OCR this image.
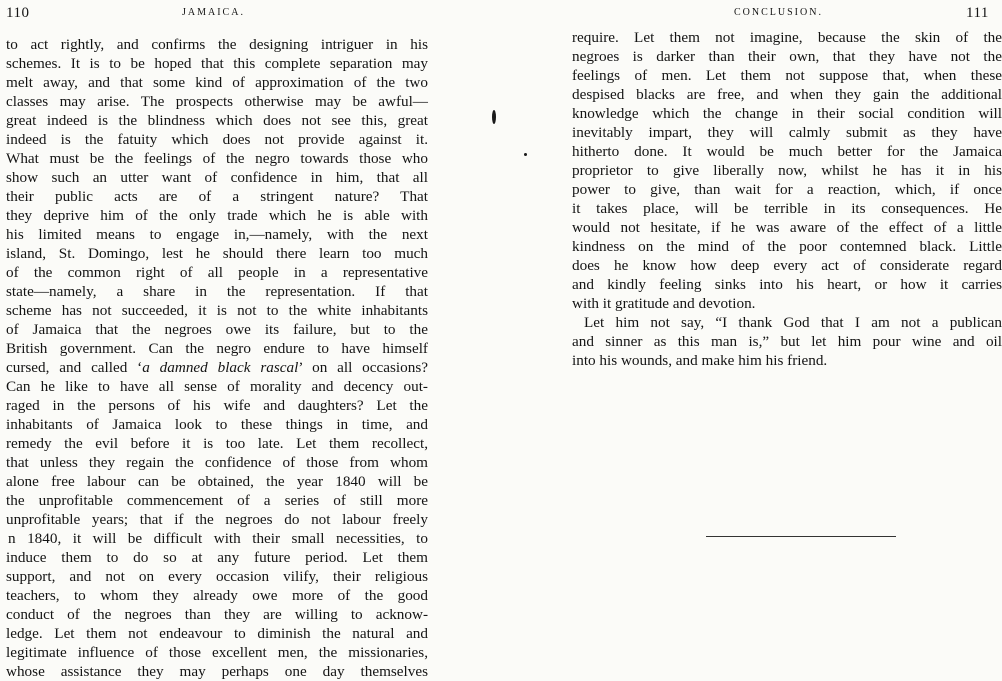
110	JAMAICA.
to act rightly, and confirms the designing intriguer in his
schemes. It is to be hoped that this complete separation may
melt away, and that some kind of approximation of the two
classes may arise. The prospects otherwise may be awful—
great indeed is the blindness which does not see this, great
indeed is the fatuity which does not provide against it.
What must be the feelings of the negro towards those who
show such an utter want of confidence in him, that all
their public acts are of a stringent nature? That
they deprive him of the only trade which he is able with
his limited means to engage in,—namely, with the next
island, St. Domingo, lest he should there learn too much
of the common right of all people in a representative
state—namely, a share in the representation. If that
scheme has not succeeded, it is not to the white inhabitants
of Jamaica that the negroes owe its failure, but to the
British government. Can the negro endure to have himself
cursed, and called ‘a damned black rascal’ on all occasions?
Can he like to have all sense of morality and decency out-
raged in the persons of his wife and daughters? Let the
inhabitants of Jamaica look to these things in time, and
remedy the evil before it is too late. Let them recollect,
that unless they regain the confidence of those from whom
alone free labour can be obtained, the year 1840 will be
the unprofitable commencement of a series of still more
unprofitable years; that if the negroes do not labour freely
n 1840, it will be difficult with their small necessities, to
induce them to do so at any future period. Let them
support, and not on every occasion vilify, their religious
teachers, to whom they already owe more of the good
conduct of the negroes than they are willing to acknow-
ledge. Let them not endeavour to diminish the natural and
legitimate influence of those excellent men, the missionaries,
whose assistance they may perhaps one day themselves
CONCLUSION.	111
require. Let them not imagine, because the skin of the
negroes is darker than their own, that they have not the
feelings of men. Let them not suppose that, when these
despised blacks are free, and when they gain the additional
knowledge which the change in their social condition will
inevitably impart, they will calmly submit as they have
hitherto done. It would be much better for the Jamaica
proprietor to give liberally now, whilst he has it in his
power to give, than wait for a reaction, which, if once
it takes place, will be terrible in its consequences. He
would not hesitate, if he was aware of the effect of a little
kindness on the mind of the poor contemned black. Little
does he know how deep every act of considerate regard
and kindly feeling sinks into his heart, or how it carries
with it gratitude and devotion.
Let him not say, “I thank God that I am not a publican
and sinner as this man is,” but let him pour wine and oil
into his wounds, and make him his friend.
